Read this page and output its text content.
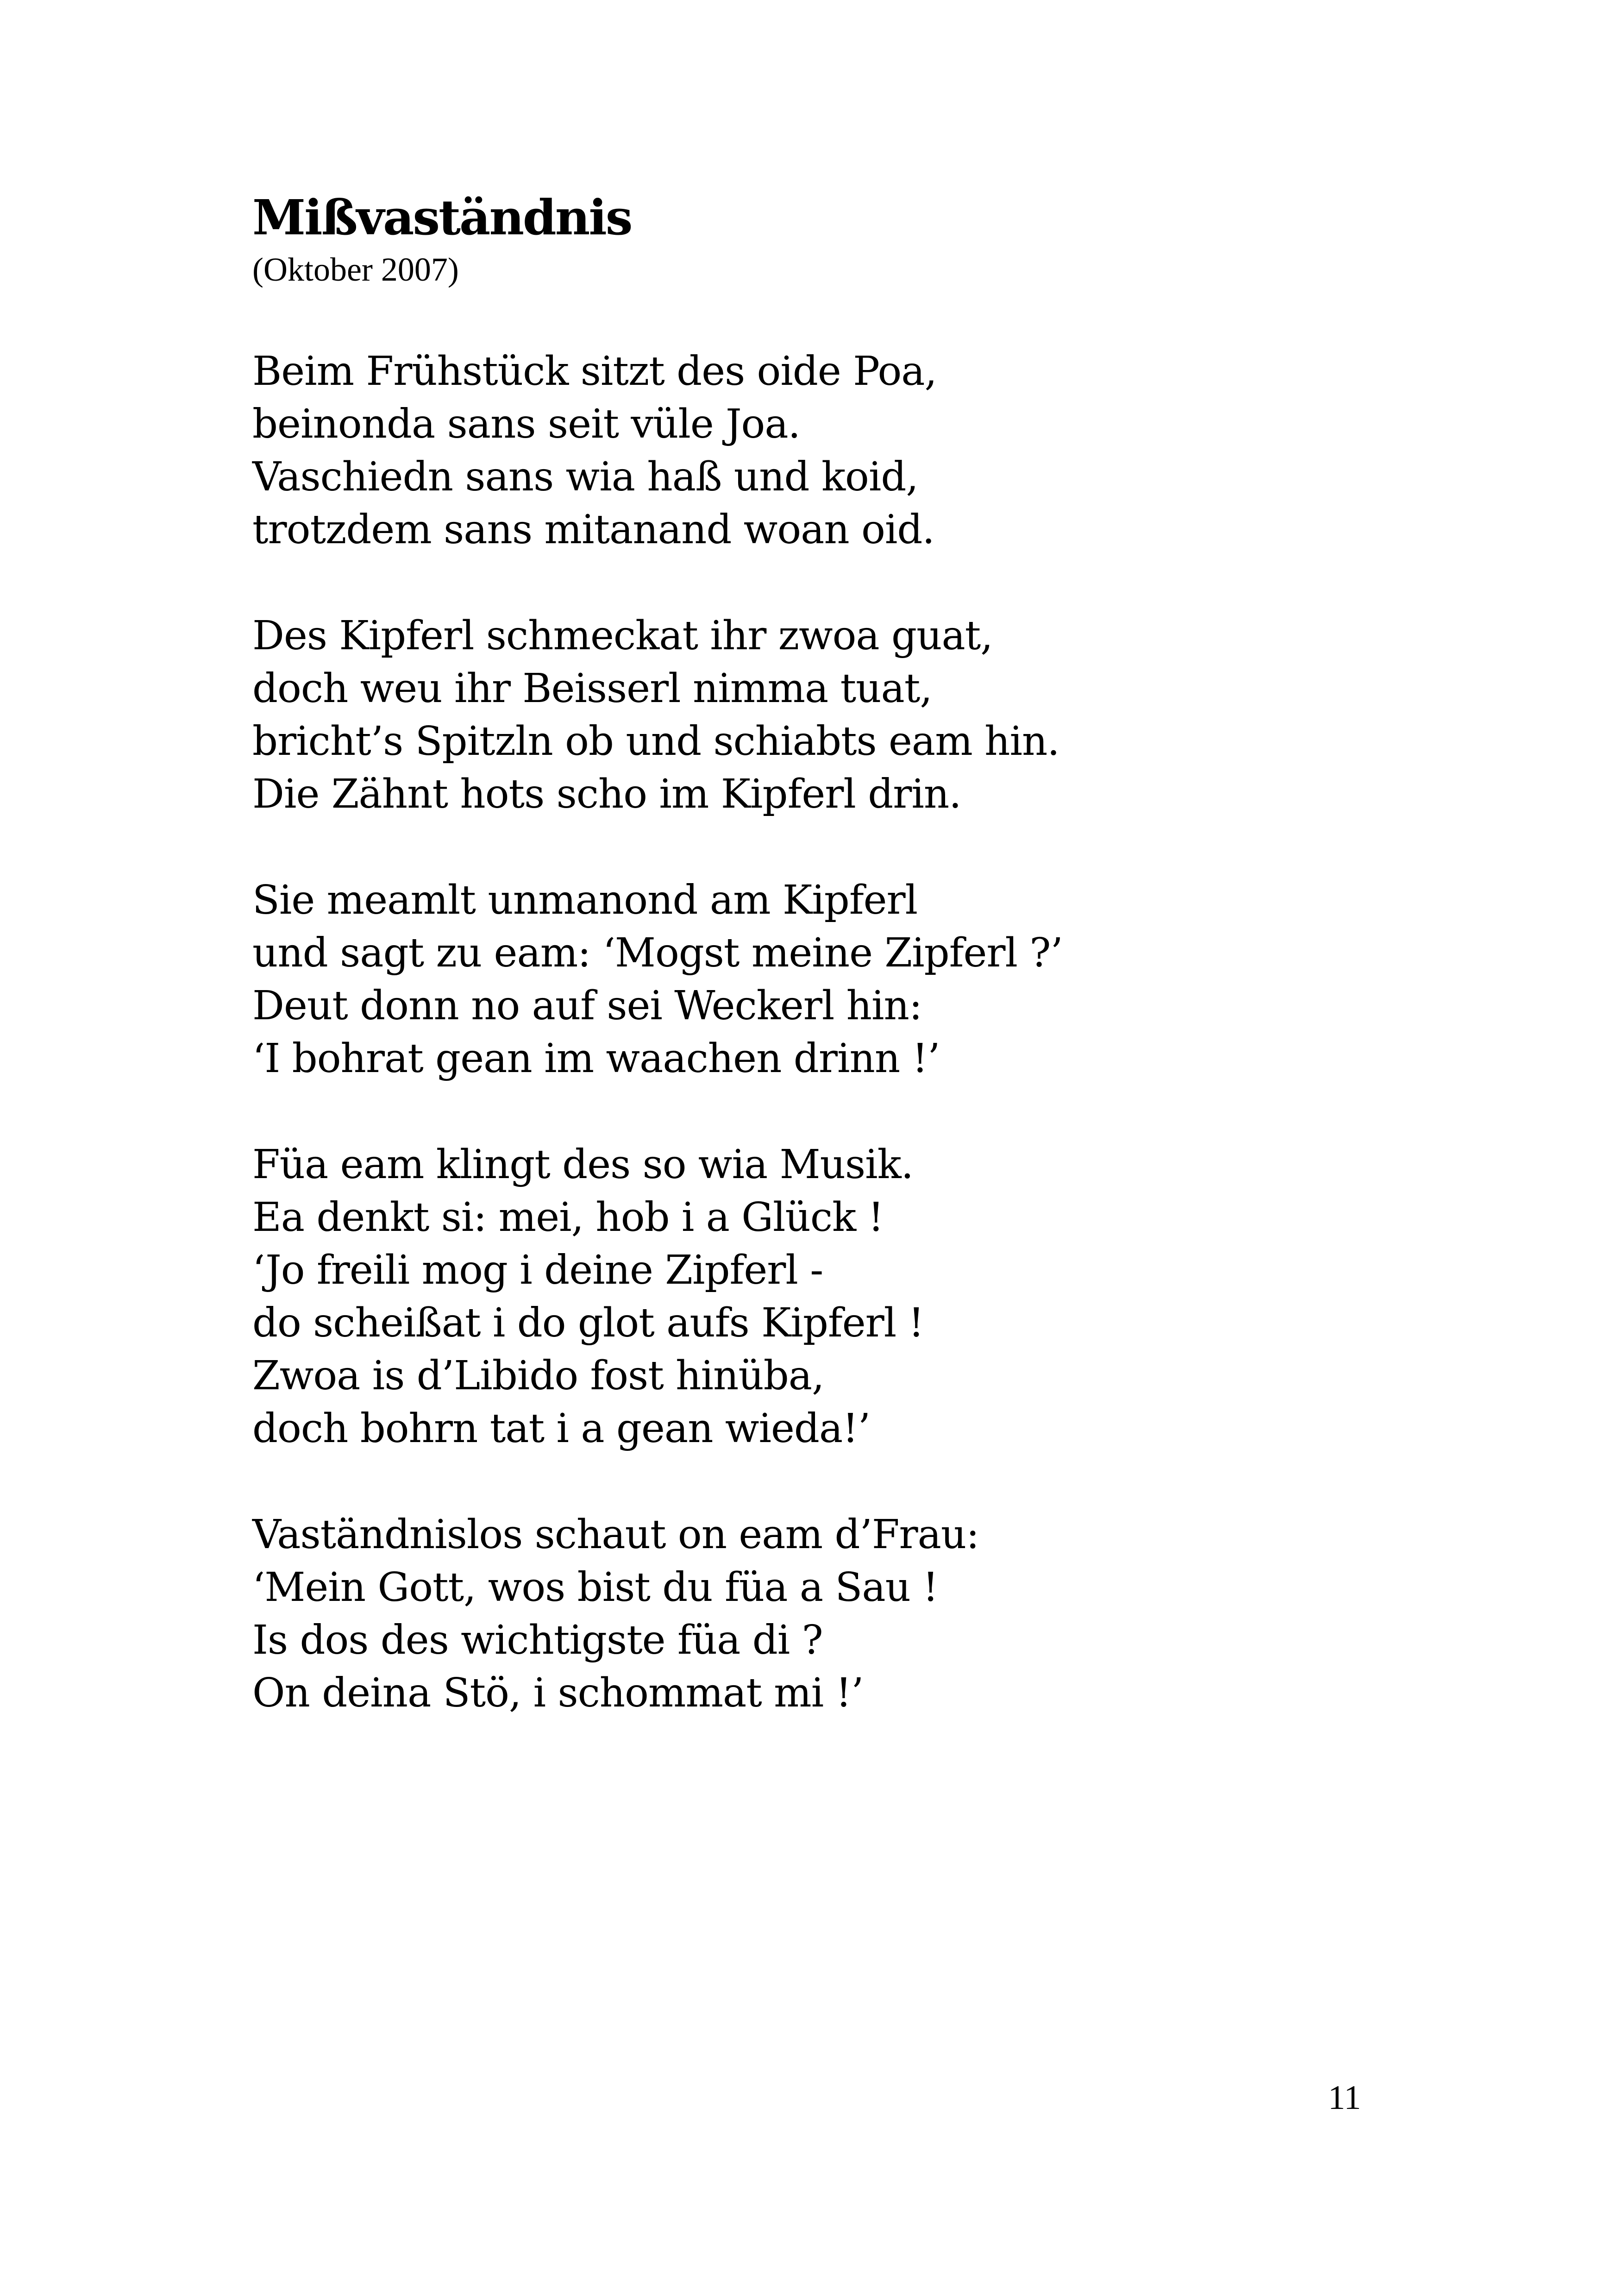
Mißvaständnis

(Oktober 2007)

Beim Frühstück sitzt des oide Poa,
beinonda sans seit vüle Joa.
Vaschiedn sans wia haß und koid,
trotzdem sans mitanand woan oid.
Des Kipferl schmeckat ihr zwoa guat,
doch weu ihr Beisserl nimma tuat,
bricht’s Spitzln ob und schiabts eam hin.
Die Zähnt hots scho im Kipferl drin.
Sie meamlt unmanond am Kipferl
und sagt zu eam: ‘Mogst meine Zipferl ?’
Deut donn no auf sei Weckerl hin:
‘I bohrat gean im waachen drinn !’
Füa eam klingt des so wia Musik.
Ea denkt si: mei, hob i a Glück !
‘Jo freili mog i deine Zipferl -
do scheißat i do glot aufs Kipferl !
Zwoa is d’Libido fost hinüba,
doch bohrn tat i a gean wieda!’
Vaständnislos schaut on eam d’Frau:
‘Mein Gott, wos bist du füa a Sau !
Is dos des wichtigste füa di ?
On deina Stö, i schommat mi !’
11
